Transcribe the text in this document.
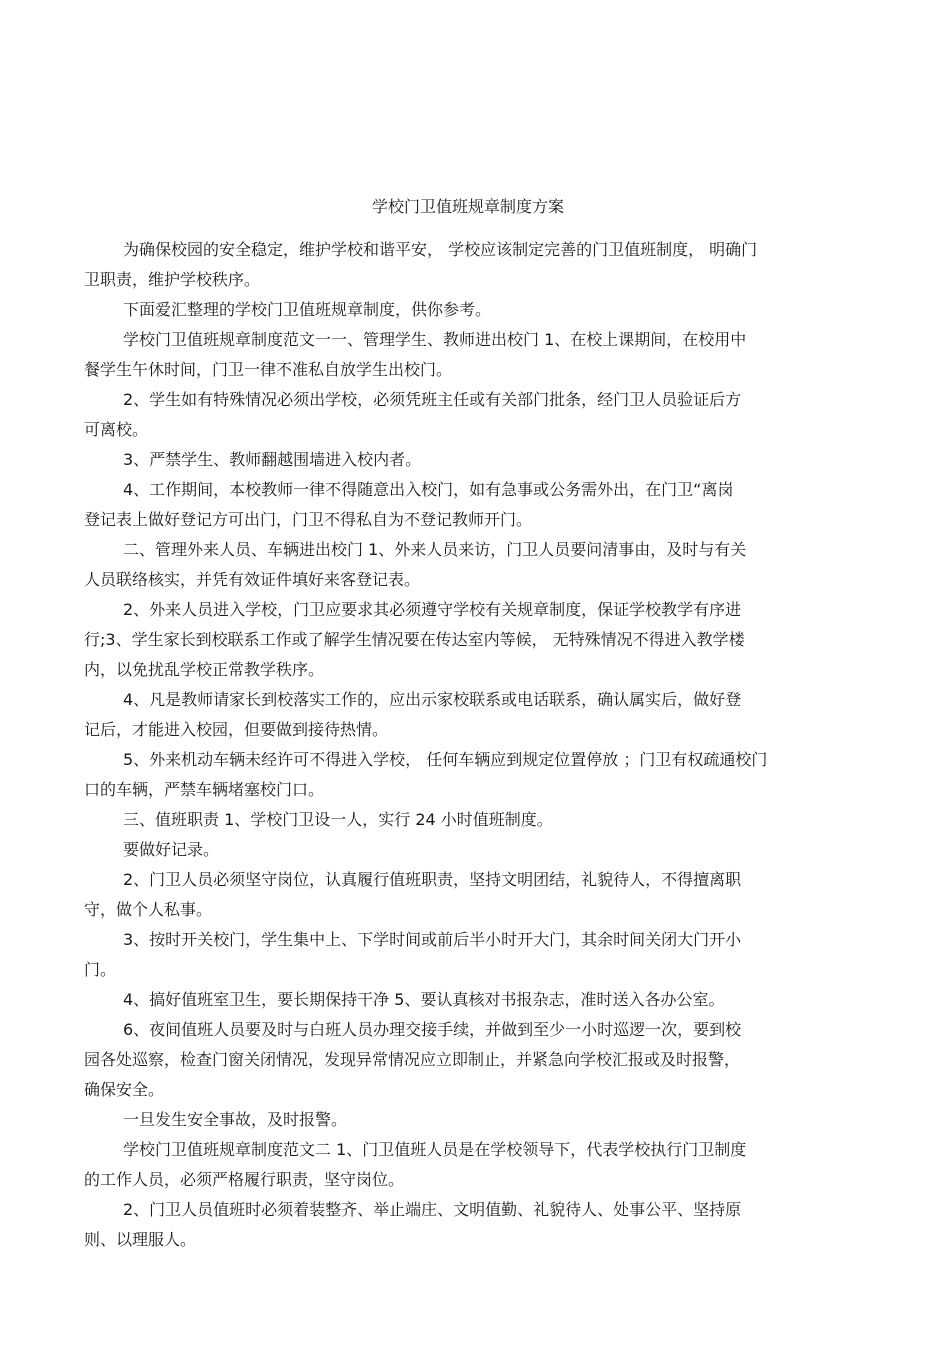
学校门卫值班规章制度方案
为确保校园的安全稳定，维护学校和谐平安， 学校应该制定完善的门卫值班制度， 明确门
卫职责，维护学校秩序。
下面爱汇整理的学校门卫值班规章制度，供你参考。
学校门卫值班规章制度范文一一、管理学生、教师进出校门 1、在校上课期间，在校用中
餐学生午休时间，门卫一律不准私自放学生出校门。
2、学生如有特殊情况必须出学校，必须凭班主任或有关部门批条，经门卫人员验证后方
可离校。
3、严禁学生、教师翻越围墙进入校内者。
4、工作期间，本校教师一律不得随意出入校门，如有急事或公务需外出，在门卫“离岗
登记表上做好登记方可出门，门卫不得私自为不登记教师开门。
二、管理外来人员、车辆进出校门 1、外来人员来访，门卫人员要问清事由，及时与有关
人员联络核实，并凭有效证件填好来客登记表。
2、外来人员进入学校，门卫应要求其必须遵守学校有关规章制度，保证学校教学有序进
行;3、学生家长到校联系工作或了解学生情况要在传达室内等候， 无特殊情况不得进入教学楼
内，以免扰乱学校正常教学秩序。
4、凡是教师请家长到校落实工作的，应出示家校联系或电话联系，确认属实后，做好登
记后，才能进入校园，但要做到接待热情。
5、外来机动车辆未经许可不得进入学校， 任何车辆应到规定位置停放 ；门卫有权疏通校门
口的车辆，严禁车辆堵塞校门口。
三、值班职责 1、学校门卫设一人，实行 24 小时值班制度。
要做好记录。
2、门卫人员必须坚守岗位，认真履行值班职责，坚持文明团结，礼貌待人，不得擅离职
守，做个人私事。
3、按时开关校门，学生集中上、下学时间或前后半小时开大门，其余时间关闭大门开小
门。
4、搞好值班室卫生，要长期保持干净 5、要认真核对书报杂志，准时送入各办公室。
6、夜间值班人员要及时与白班人员办理交接手续，并做到至少一小时巡逻一次，要到校
园各处巡察，检查门窗关闭情况，发现异常情况应立即制止，并紧急向学校汇报或及时报警，
确保安全。
一旦发生安全事故，及时报警。
学校门卫值班规章制度范文二 1、门卫值班人员是在学校领导下，代表学校执行门卫制度
的工作人员，必须严格履行职责，坚守岗位。
2、门卫人员值班时必须着装整齐、举止端庄、文明值勤、礼貌待人、处事公平、坚持原
则、以理服人。
